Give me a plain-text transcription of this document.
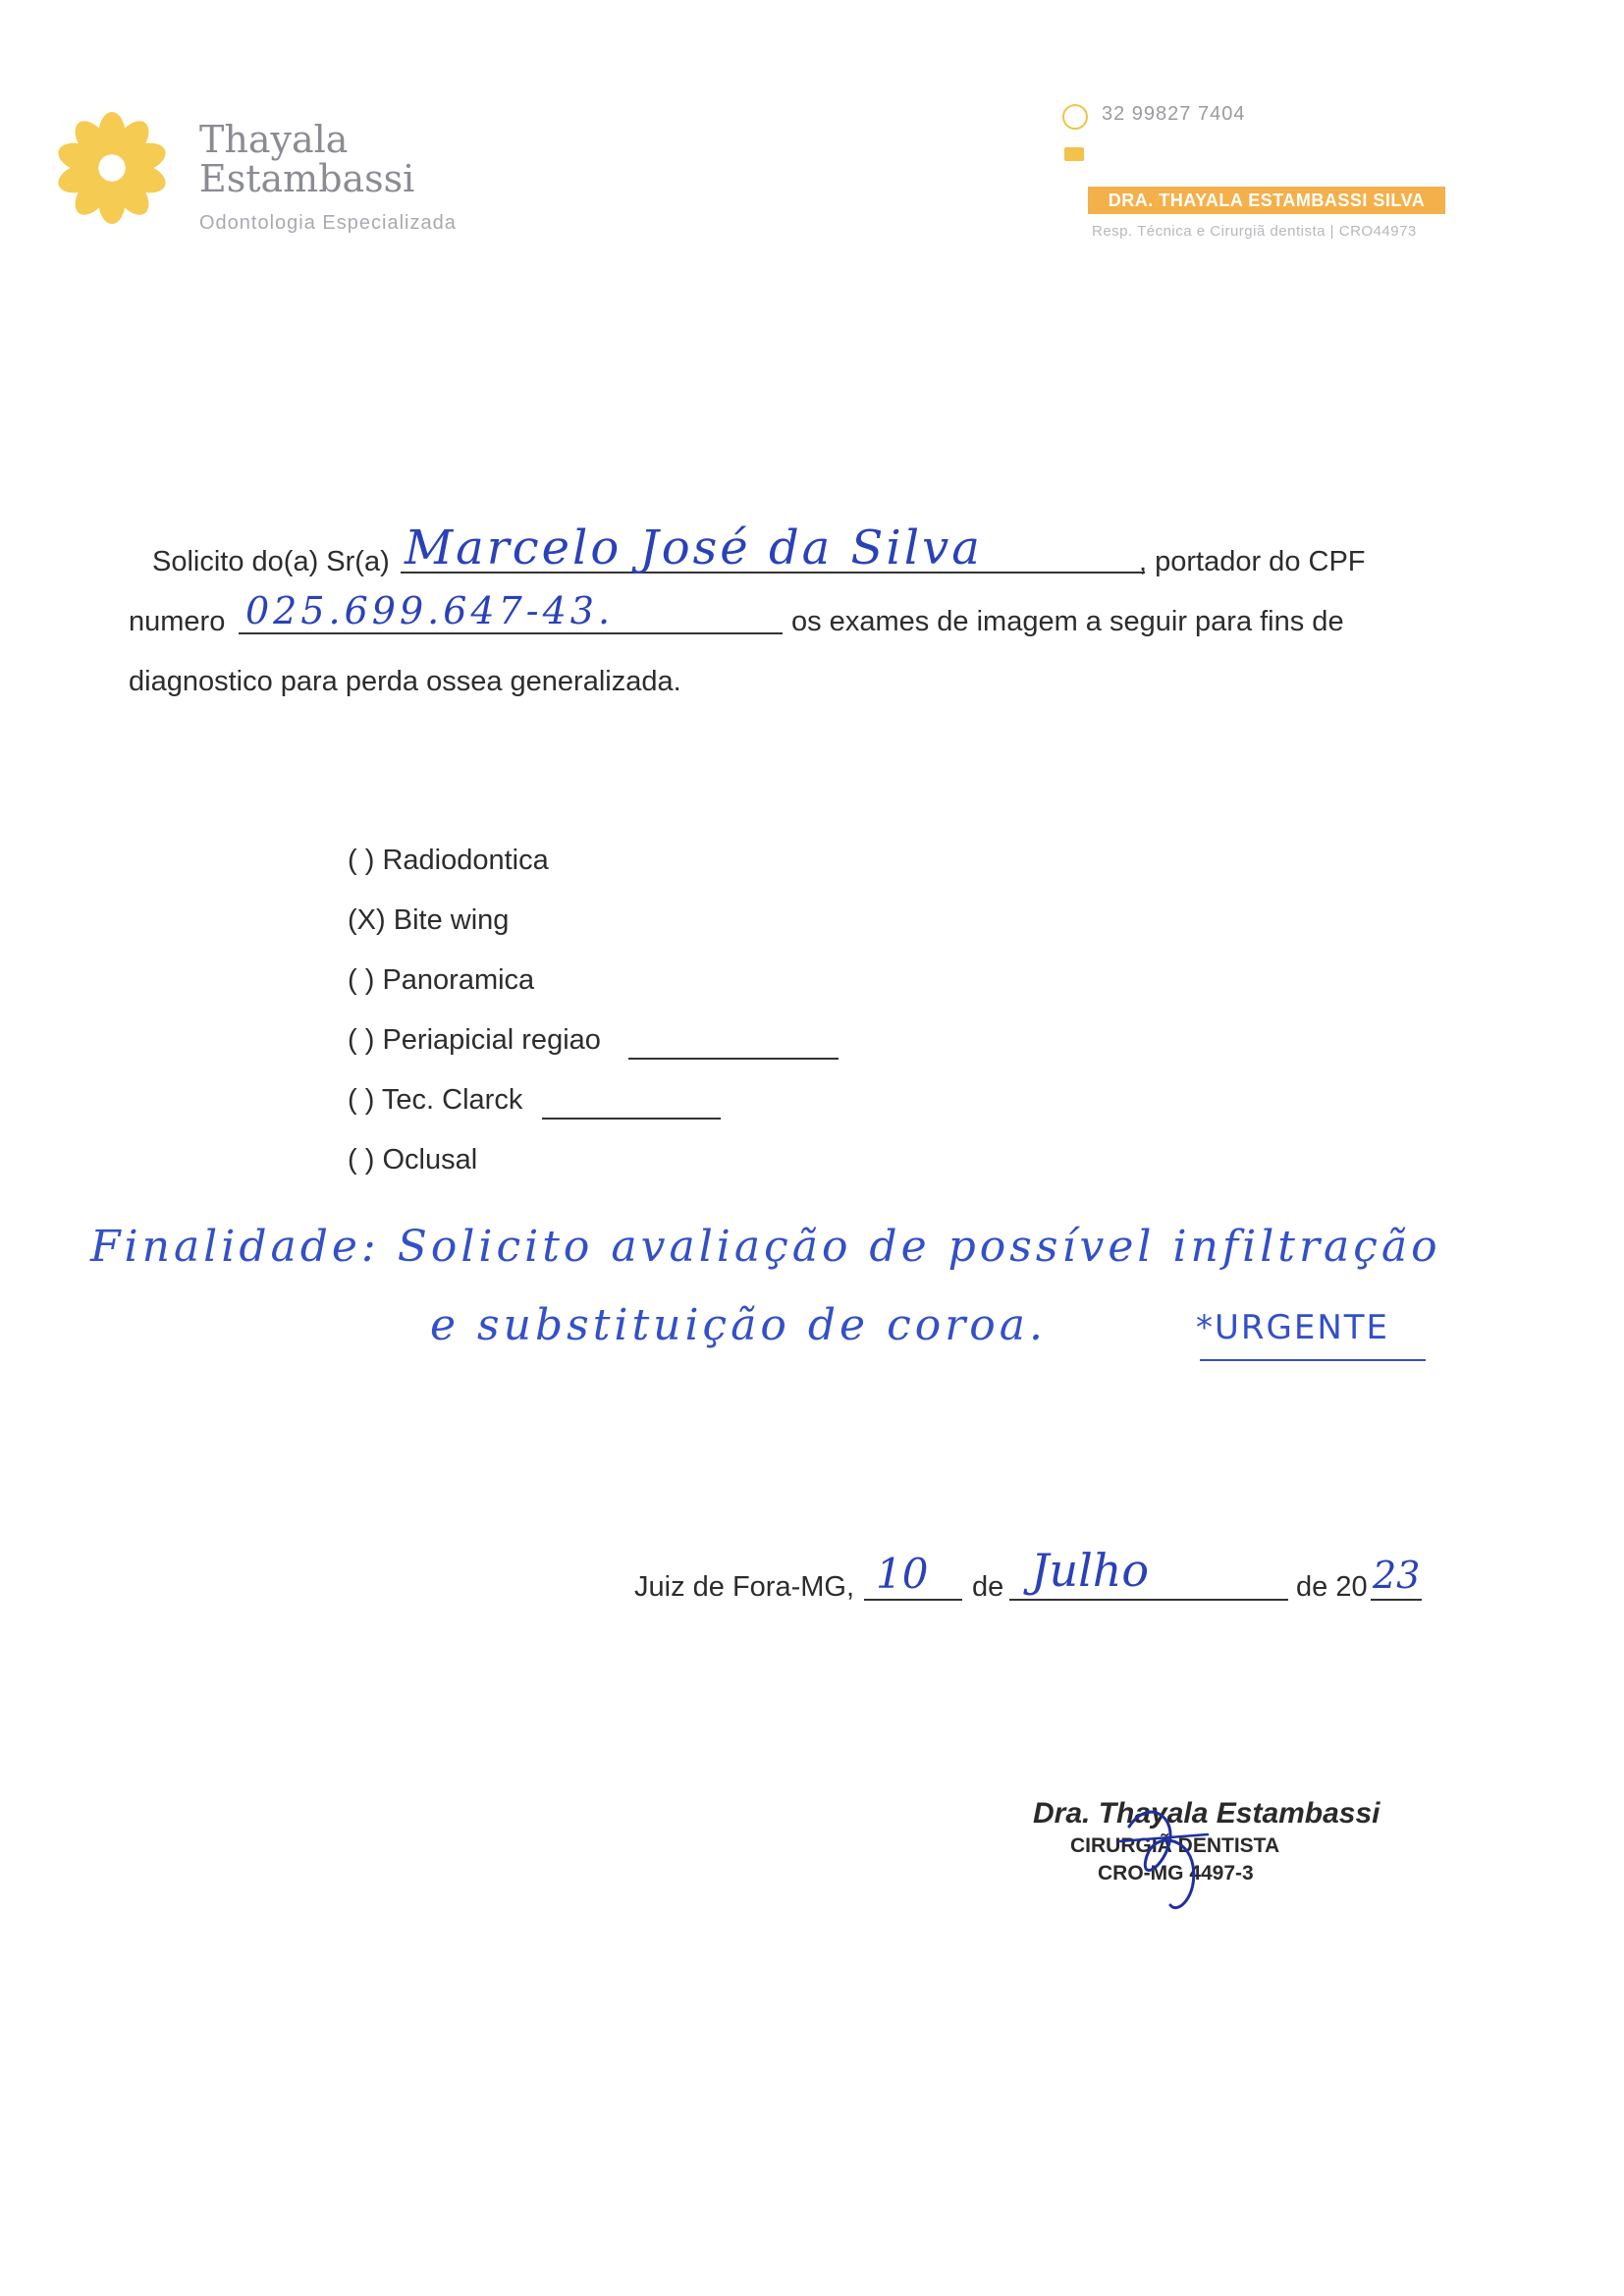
Thayala
Estambassi
Odontologia Especializada
32 99827 7404
DRA. THAYALA ESTAMBASSI SILVA
Resp. Técnica e Cirurgiã dentista | CRO44973
Solicito do(a) Sr(a) Marcelo José da Silva	, portador do CPF
numero 025.699.647-43.	os exames de imagem a seguir para fins de
diagnostico para perda ossea generalizada.
( ) Radiodontica
(X) Bite wing
( ) Panoramica
( ) Periapicial regiao
( ) Tec. Clarck
( ) Oclusal
Finalidade: Solicito avaliação de possível infiltração
e substituição de coroa.	*URGENTE
Juiz de Fora-MG, 10 de Julho	de 20 23
Dra. Thayala Estambassi
CIRURGIÃ DENTISTA
CRO-MG 4497-3
